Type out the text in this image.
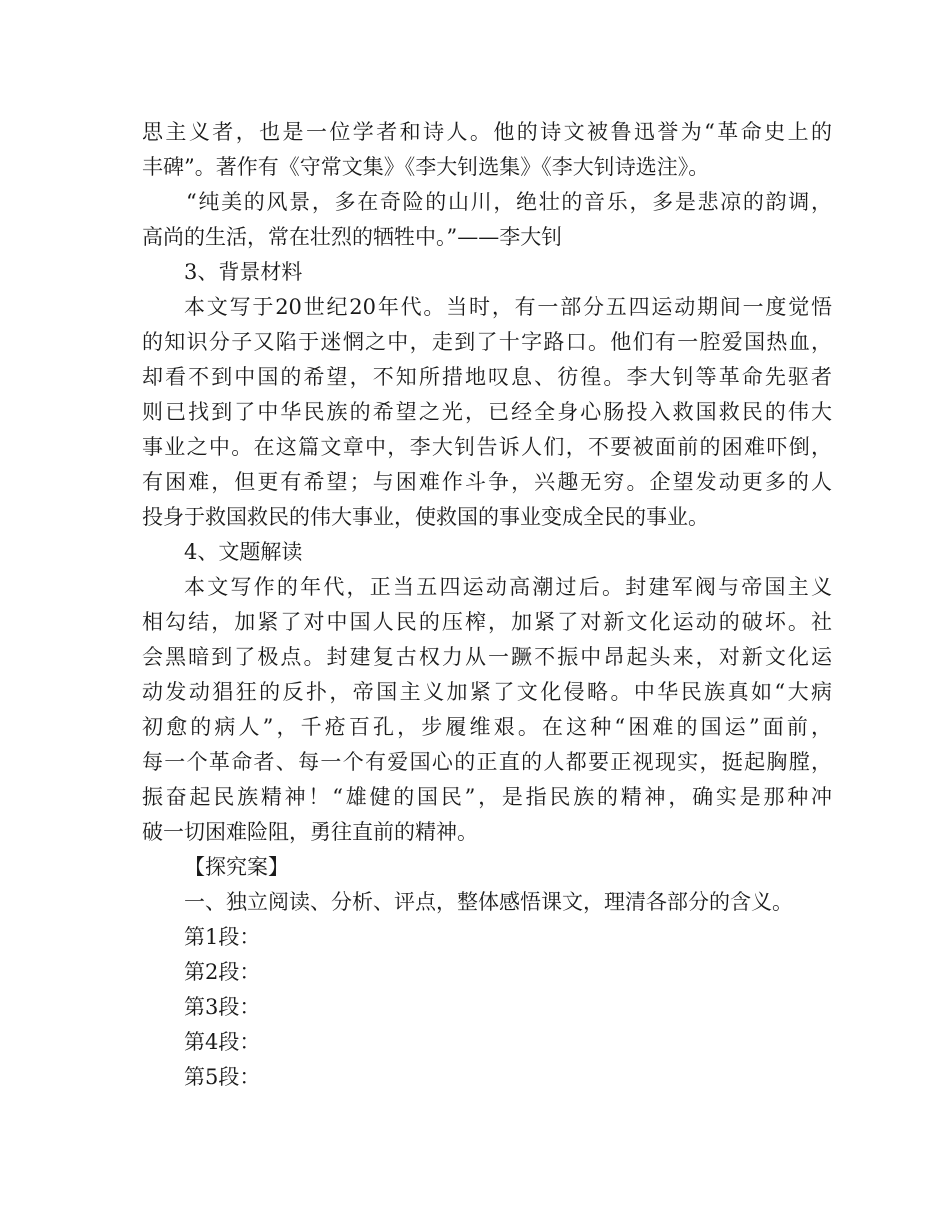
思主义者，也是一位学者和诗人。他的诗文被鲁迅誉为“革命史上的

丰碑”。著作有《守常文集》《李大钊选集》《李大钊诗选注》。

“纯美的风景，多在奇险的山川，绝壮的音乐，多是悲凉的韵调，

高尚的生活，常在壮烈的牺牲中。”——李大钊

3、背景材料

本文写于20世纪20年代。当时，有一部分五四运动期间一度觉悟

的知识分子又陷于迷惘之中，走到了十字路口。他们有一腔爱国热血，

却看不到中国的希望，不知所措地叹息、彷徨。李大钊等革命先驱者

则已找到了中华民族的希望之光，已经全身心肠投入救国救民的伟大

事业之中。在这篇文章中，李大钊告诉人们，不要被面前的困难吓倒，

有困难，但更有希望；与困难作斗争，兴趣无穷。企望发动更多的人

投身于救国救民的伟大事业，使救国的事业变成全民的事业。

4、文题解读

本文写作的年代，正当五四运动高潮过后。封建军阀与帝国主义

相勾结，加紧了对中国人民的压榨，加紧了对新文化运动的破坏。社

会黑暗到了极点。封建复古权力从一蹶不振中昂起头来，对新文化运

动发动猖狂的反扑，帝国主义加紧了文化侵略。中华民族真如“大病

初愈的病人”，千疮百孔，步履维艰。在这种“困难的国运”面前，

每一个革命者、每一个有爱国心的正直的人都要正视现实，挺起胸膛，

振奋起民族精神！“雄健的国民”，是指民族的精神，确实是那种冲

破一切困难险阻，勇往直前的精神。

【探究案】

一、独立阅读、分析、评点，整体感悟课文，理清各部分的含义。

第1段：

第2段：

第3段：

第4段：

第5段：
